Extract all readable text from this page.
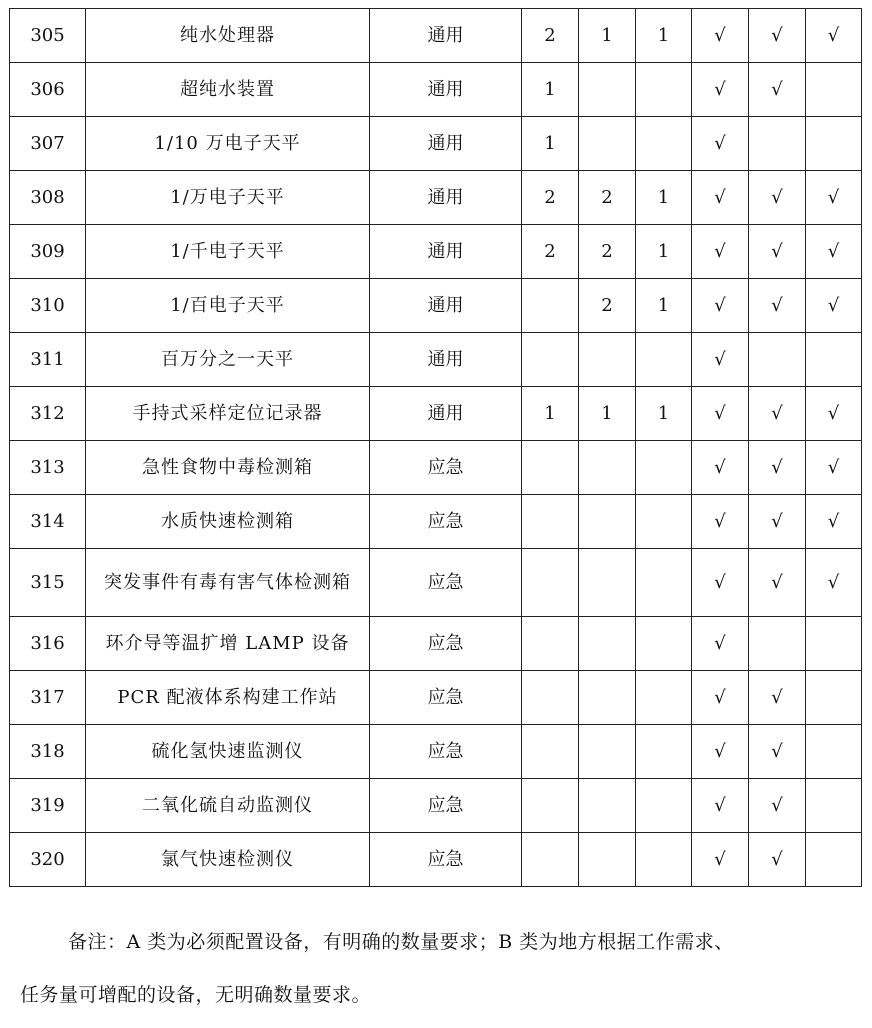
305	纯水处理器	通用	2	1	1	√	√	√
306	超纯水装置	通用	1			√	√	
307	1/10 万电子天平	通用	1			√		
308	1/万电子天平	通用	2	2	1	√	√	√
309	1/千电子天平	通用	2	2	1	√	√	√
310	1/百电子天平	通用		2	1	√	√	√
311	百万分之一天平	通用				√		
312	手持式采样定位记录器	通用	1	1	1	√	√	√
313	急性食物中毒检测箱	应急				√	√	√
314	水质快速检测箱	应急				√	√	√
315	突发事件有毒有害气体检测箱	应急				√	√	√
316	环介导等温扩增 LAMP 设备	应急				√		
317	PCR 配液体系构建工作站	应急				√	√	
318	硫化氢快速监测仪	应急				√	√	
319	二氧化硫自动监测仪	应急				√	√	
320	氯气快速检测仪	应急				√	√	
备注：A 类为必须配置设备，有明确的数量要求；B 类为地方根据工作需求、
任务量可增配的设备，无明确数量要求。
